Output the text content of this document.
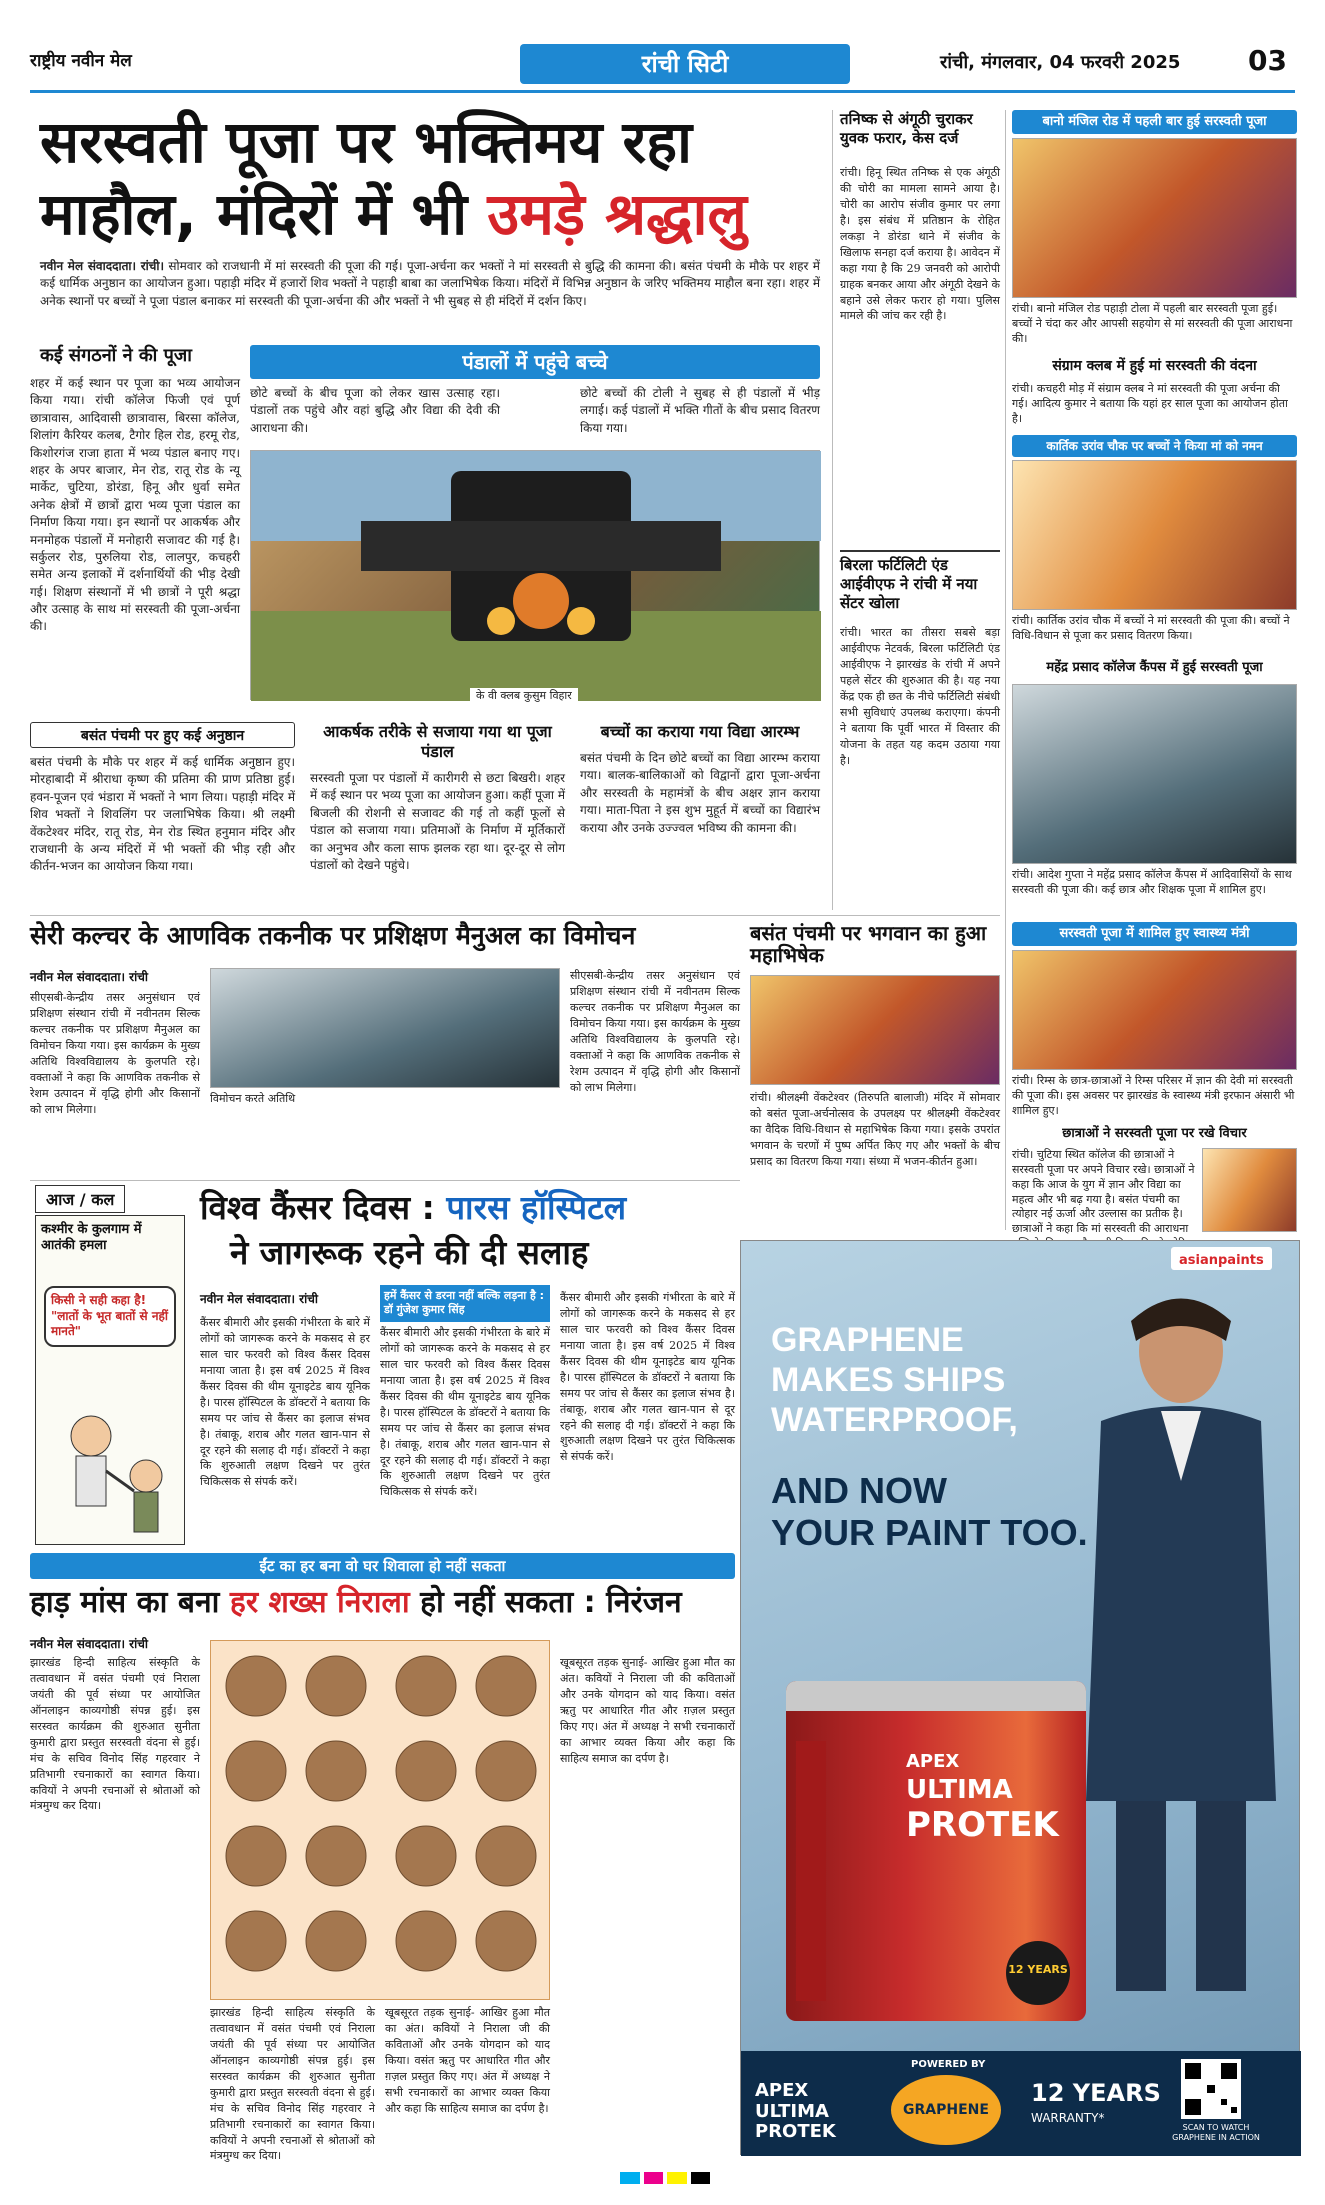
राष्ट्रीय नवीन मेल	रांची सिटी	रांची, मंगलवार, 04 फरवरी 2025 03
सरस्वती पूजा पर भक्तिमय रहा
माहौल, मंदिरों में भी उमड़े श्रद्धालु
नवीन मेल संवाददाता। रांची। सोमवार को राजधानी में मां सरस्वती की पूजा की गई। पूजा-अर्चना कर भक्तों ने मां सरस्वती से बुद्धि की कामना की। बसंत पंचमी के मौके पर शहर में कई धार्मिक अनुष्ठान का आयोजन हुआ। पहाड़ी मंदिर में हजारों शिव भक्तों ने पहाड़ी बाबा का जलाभिषेक किया। मंदिरों में विभिन्न अनुष्ठान के जरिए भक्तिमय माहौल बना रहा। शहर में अनेक स्थानों पर बच्चों ने पूजा पंडाल बनाकर मां सरस्वती की पूजा-अर्चना की और भक्तों ने भी सुबह से ही मंदिरों में दर्शन किए।
कई संगठनों ने की पूजा
शहर में कई स्थान पर पूजा का भव्य आयोजन किया गया। रांची कॉलेज फिजी एवं पूर्ण छात्रावास, आदिवासी छात्रावास, बिरसा कॉलेज, शिलांग कैरियर कलब, टैगोर हिल रोड, हरमू रोड, किशोरगंज राजा हाता में भव्य पंडाल बनाए गए। शहर के अपर बाजार, मेन रोड, रातू रोड के न्यू मार्केट, चुटिया, डोरंडा, हिनू और धुर्वा समेत अनेक क्षेत्रों में छात्रों द्वारा भव्य पूजा पंडाल का निर्माण किया गया। इन स्थानों पर आकर्षक और मनमोहक पंडालों में मनोहारी सजावट की गई है। सर्कुलर रोड, पुरुलिया रोड, लालपुर, कचहरी समेत अन्य इलाकों में दर्शनार्थियों की भीड़ देखी गई। शिक्षण संस्थानों में भी छात्रों ने पूरी श्रद्धा और उत्साह के साथ मां सरस्वती की पूजा-अर्चना की।
पंडालों में पहुंचे बच्चे
छोटे बच्चों के बीच पूजा को लेकर खास उत्साह रहा। पंडालों तक पहुंचे और वहां बुद्धि और विद्या की देवी की आराधना की।
छोटे बच्चों की टोली ने सुबह से ही पंडालों में भीड़ लगाई। कई पंडालों में भक्ति गीतों के बीच प्रसाद वितरण किया गया।
के वी क्लब कुसुम विहार
बसंत पंचमी पर हुए कई अनुष्ठान
बसंत पंचमी के मौके पर शहर में कई धार्मिक अनुष्ठान हुए। मोरहाबादी में श्रीराधा कृष्ण की प्रतिमा की प्राण प्रतिष्ठा हुई। हवन-पूजन एवं भंडारा में भक्तों ने भाग लिया। पहाड़ी मंदिर में शिव भक्तों ने शिवलिंग पर जलाभिषेक किया। श्री लक्ष्मी वेंकटेश्वर मंदिर, रातू रोड, मेन रोड स्थित हनुमान मंदिर और राजधानी के अन्य मंदिरों में भी भक्तों की भीड़ रही और कीर्तन-भजन का आयोजन किया गया।
आकर्षक तरीके से सजाया गया था पूजा पंडाल
सरस्वती पूजा पर पंडालों में कारीगरी से छटा बिखरी। शहर में कई स्थान पर भव्य पूजा का आयोजन हुआ। कहीं पूजा में बिजली की रोशनी से सजावट की गई तो कहीं फूलों से पंडाल को सजाया गया। प्रतिमाओं के निर्माण में मूर्तिकारों का अनुभव और कला साफ झलक रहा था। दूर-दूर से लोग पंडालों को देखने पहुंचे।
बच्चों का कराया गया विद्या आरम्भ
बसंत पंचमी के दिन छोटे बच्चों का विद्या आरम्भ कराया गया। बालक-बालिकाओं को विद्वानों द्वारा पूजा-अर्चना और सरस्वती के महामंत्रों के बीच अक्षर ज्ञान कराया गया। माता-पिता ने इस शुभ मुहूर्त में बच्चों का विद्यारंभ कराया और उनके उज्ज्वल भविष्य की कामना की।
तनिष्क से अंगूठी चुराकर युवक फरार, केस दर्ज
रांची। हिनू स्थित तनिष्क से एक अंगूठी की चोरी का मामला सामने आया है। चोरी का आरोप संजीव कुमार पर लगा है। इस संबंध में प्रतिष्ठान के रोहित लकड़ा ने डोरंडा थाने में संजीव के खिलाफ सनहा दर्ज कराया है। आवेदन में कहा गया है कि 29 जनवरी को आरोपी ग्राहक बनकर आया और अंगूठी देखने के बहाने उसे लेकर फरार हो गया। पुलिस मामले की जांच कर रही है।
बिरला फर्टिलिटी एंड आईवीएफ ने रांची में नया सेंटर खोला
रांची। भारत का तीसरा सबसे बड़ा आईवीएफ नेटवर्क, बिरला फर्टिलिटी एंड आईवीएफ ने झारखंड के रांची में अपने पहले सेंटर की शुरुआत की है। यह नया केंद्र एक ही छत के नीचे फर्टिलिटी संबंधी सभी सुविधाएं उपलब्ध कराएगा। कंपनी ने बताया कि पूर्वी भारत में विस्तार की योजना के तहत यह कदम उठाया गया है।
बानो मंजिल रोड में पहली बार हुई सरस्वती पूजा
रांची। बानो मंजिल रोड पहाड़ी टोला में पहली बार सरस्वती पूजा हुई। बच्चों ने चंदा कर और आपसी सहयोग से मां सरस्वती की पूजा आराधना की।
संग्राम क्लब में हुई मां सरस्वती की वंदना
रांची। कचहरी मोड़ में संग्राम क्लब ने मां सरस्वती की पूजा अर्चना की गई। आदित्य कुमार ने बताया कि यहां हर साल पूजा का आयोजन होता है।
कार्तिक उरांव चौक पर बच्चों ने किया मां को नमन
रांची। कार्तिक उरांव चौक में बच्चों ने मां सरस्वती की पूजा की। बच्चों ने विधि-विधान से पूजा कर प्रसाद वितरण किया।
महेंद्र प्रसाद कॉलेज कैंपस में हुई सरस्वती पूजा
रांची। आदेश गुप्ता ने महेंद्र प्रसाद कॉलेज कैंपस में आदिवासियों के साथ सरस्वती की पूजा की। कई छात्र और शिक्षक पूजा में शामिल हुए।
सरस्वती पूजा में शामिल हुए स्वास्थ्य मंत्री
रांची। रिम्स के छात्र-छात्राओं ने रिम्स परिसर में ज्ञान की देवी मां सरस्वती की पूजा की। इस अवसर पर झारखंड के स्वास्थ्य मंत्री इरफान अंसारी भी शामिल हुए।
छात्राओं ने सरस्वती पूजा पर रखे विचार
रांची। चुटिया स्थित कॉलेज की छात्राओं ने सरस्वती पूजा पर अपने विचार रखे। छात्राओं ने कहा कि आज के युग में ज्ञान और विद्या का महत्व और भी बढ़ गया है। बसंत पंचमी का त्योहार नई ऊर्जा और उल्लास का प्रतीक है। छात्राओं ने कहा कि मां सरस्वती की आराधना
सेरी कल्चर के आणविक तकनीक पर प्रशिक्षण मैनुअल का विमोचन
नवीन मेल संवाददाता। रांची
सीएसबी-केन्द्रीय तसर अनुसंधान एवं प्रशिक्षण संस्थान रांची में नवीनतम सिल्क कल्चर तकनीक पर प्रशिक्षण मैनुअल का विमोचन किया गया। इस कार्यक्रम के मुख्य अतिथि विश्वविद्यालय के कुलपति रहे। वक्ताओं ने कहा कि आणविक तकनीक से रेशम उत्पादन में वृद्धि होगी और किसानों को लाभ मिलेगा।
विमोचन करते अतिथि
सीएसबी-केन्द्रीय तसर अनुसंधान एवं प्रशिक्षण संस्थान रांची में नवीनतम सिल्क कल्चर तकनीक पर प्रशिक्षण मैनुअल का विमोचन किया गया। इस कार्यक्रम के मुख्य अतिथि विश्वविद्यालय के कुलपति रहे। वक्ताओं ने कहा कि आणविक तकनीक से रेशम उत्पादन में वृद्धि होगी और किसानों को लाभ मिलेगा।
बसंत पंचमी पर भगवान का हुआ महाभिषेक
रांची। श्रीलक्ष्मी वेंकटेश्वर (तिरुपति बालाजी) मंदिर में सोमवार को बसंत पूजा-अर्चनोत्सव के उपलक्ष्य पर श्रीलक्ष्मी वेंकटेश्वर का वैदिक विधि-विधान से महाभिषेक किया गया। इसके उपरांत भगवान के चरणों में पुष्प अर्पित किए गए और भक्तों के बीच प्रसाद का वितरण किया गया। संध्या में भजन-कीर्तन हुआ।
आज / कल
कश्मीर के कुलगाम में आतंकी हमला
किसी ने सही कहा है! "लातों के भूत बातों से नहीं मानते"
विश्व कैंसर दिवस : पारस हॉस्पिटल
ने जागरूक रहने की दी सलाह
नवीन मेल संवाददाता। रांची	हमें कैंसर से डरना नहीं बल्कि लड़ना है : डॉ गुंजेश कुमार सिंह
कैंसर बीमारी और इसकी गंभीरता के बारे में लोगों को जागरूक करने के मकसद से हर साल चार फरवरी को विश्व कैंसर दिवस मनाया जाता है। इस वर्ष 2025 में विश्व कैंसर दिवस की थीम यूनाइटेड बाय यूनिक है। पारस हॉस्पिटल के डॉक्टरों ने बताया कि समय पर जांच से कैंसर का इलाज संभव है। तंबाकू, शराब और गलत खान-पान से दूर रहने की सलाह दी गई। डॉक्टरों ने कहा कि शुरुआती लक्षण दिखने पर तुरंत चिकित्सक से संपर्क करें।
कैंसर बीमारी और इसकी गंभीरता के बारे में लोगों को जागरूक करने के मकसद से हर साल चार फरवरी को विश्व कैंसर दिवस मनाया जाता है। इस वर्ष 2025 में विश्व कैंसर दिवस की थीम यूनाइटेड बाय यूनिक है। पारस हॉस्पिटल के डॉक्टरों ने बताया कि समय पर जांच से कैंसर का इलाज संभव है। तंबाकू, शराब और गलत खान-पान से दूर रहने की सलाह दी गई। डॉक्टरों ने कहा कि शुरुआती लक्षण दिखने पर तुरंत चिकित्सक से संपर्क करें।
कैंसर बीमारी और इसकी गंभीरता के बारे में लोगों को जागरूक करने के मकसद से हर साल चार फरवरी को विश्व कैंसर दिवस मनाया जाता है। इस वर्ष 2025 में विश्व कैंसर दिवस की थीम यूनाइटेड बाय यूनिक है। पारस हॉस्पिटल के डॉक्टरों ने बताया कि समय पर जांच से कैंसर का इलाज संभव है। तंबाकू, शराब और गलत खान-पान से दूर रहने की सलाह दी गई। डॉक्टरों ने कहा कि शुरुआती लक्षण दिखने पर तुरंत चिकित्सक से संपर्क करें।
ईंट का हर बना वो घर शिवाला हो नहीं सकता
हाड़ मांस का बना हर शख्स निराला हो नहीं सकता : निरंजन
नवीन मेल संवाददाता। रांची
झारखंड हिन्दी साहित्य संस्कृति के तत्वावधान में वसंत पंचमी एवं निराला जयंती की पूर्व संध्या पर आयोजित ऑनलाइन काव्यगोष्ठी संपन्न हुई। इस सरस्वत कार्यक्रम की शुरुआत सुनीता कुमारी द्वारा प्रस्तुत सरस्वती वंदना से हुई। मंच के सचिव विनोद सिंह गहरवार ने प्रतिभागी रचनाकारों का स्वागत किया। कवियों ने अपनी रचनाओं से श्रोताओं को मंत्रमुग्ध कर दिया।
झारखंड हिन्दी साहित्य संस्कृति के तत्वावधान में वसंत पंचमी एवं निराला जयंती की पूर्व संध्या पर आयोजित ऑनलाइन काव्यगोष्ठी संपन्न हुई। इस सरस्वत कार्यक्रम की शुरुआत सुनीता कुमारी द्वारा प्रस्तुत सरस्वती वंदना से हुई। मंच के सचिव विनोद सिंह गहरवार ने प्रतिभागी रचनाकारों का स्वागत किया। कवियों ने अपनी रचनाओं से श्रोताओं को मंत्रमुग्ध कर दिया।
खूबसूरत तड़क सुनाई- आखिर हुआ मौत का अंत। कवियों ने निराला जी की कविताओं और उनके योगदान को याद किया। वसंत ऋतु पर आधारित गीत और ग़ज़ल प्रस्तुत किए गए। अंत में अध्यक्ष ने सभी रचनाकारों का आभार व्यक्त किया और कहा कि साहित्य समाज का दर्पण है।
खूबसूरत तड़क सुनाई- आखिर हुआ मौत का अंत। कवियों ने निराला जी की कविताओं और उनके योगदान को याद किया। वसंत ऋतु पर आधारित गीत और ग़ज़ल प्रस्तुत किए गए। अंत में अध्यक्ष ने सभी रचनाकारों का आभार व्यक्त किया और कहा कि साहित्य समाज का दर्पण है।
asianpaints
GRAPHENE
MAKES SHIPS
WATERPROOF,
AND NOW
YOUR PAINT TOO.
APEX
ULTIMA
PROTEK
12 YEARS
APEX ULTIMA PROTEK
POWERED BY
GRAPHENE
12 YEARS
WARRANTY*
SCAN TO WATCH GRAPHENE IN ACTION
